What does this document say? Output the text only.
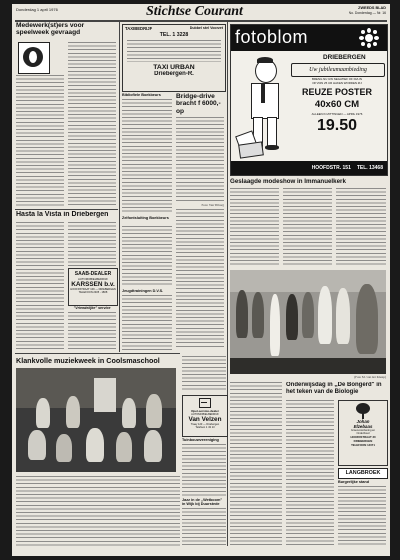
Donderdag 1 april 1976	Stichtse Courant	ZWEEDS BLAD
No. Donderdag — Nr. 16
Medewerk(st)ers voor speelweek gevraagd
Hasta la Vista in Driebergen
SAAB-DEALER
AUTOMOBIELBEDRIJF
KARSSEN b.v.
HOOFDSTRAAT 109 — DRIEBERGEN
TELEFOON 2405 - 1808
"Vriendelijke" service
Klankvolle muziekweek in Coolsmaschool
TAXIBEDRIJF	Dubbel stel Voorzet
TEL. 1 3228
TAXI URBAN
Driebergen-R.
Bibliofiele Boekbeurs
Zelfontsluiting Boekbeurs
Jeugdtrainingen D.V.S.
Bridge-drive bracht f 6000,- op
Foto: Van Tilborg
Opel-service-dealer
AUTOMOBIELBEDRIJF
Van Velzen
Traay 123 — Driebergen
Telefoon 1 43 13
Tuinbouwvereniging
Jazz in de ,,Wetboom" in Wijk bij Duurstede
fotoblom
DRIEBERGEN
Uw jubileumaanbieding
BRENG NU UW NEGATIEF OF DIA IN
OP ZIJN 25 UR HAKEN WORDEN ZIJ
REUZE POSTER
40x60 CM
ALLEEN IN ZITTINGEN — APRIL 1976
19.50
HOOFDSTR. 151 TEL. 13468
Geslaagde modeshow in Immanuelkerk
(Foto M. van der Knaap)
Onderwijsdag in ,,De Bongerd" in het teken van de Biologie
Johan
Elzebaas
Groenvoorziening en
Onderhoud
HOOFDSTRAAT 30
DRIEBERGEN
TELEFOON 14071
LANGBROEK
Burgerlijke stand
